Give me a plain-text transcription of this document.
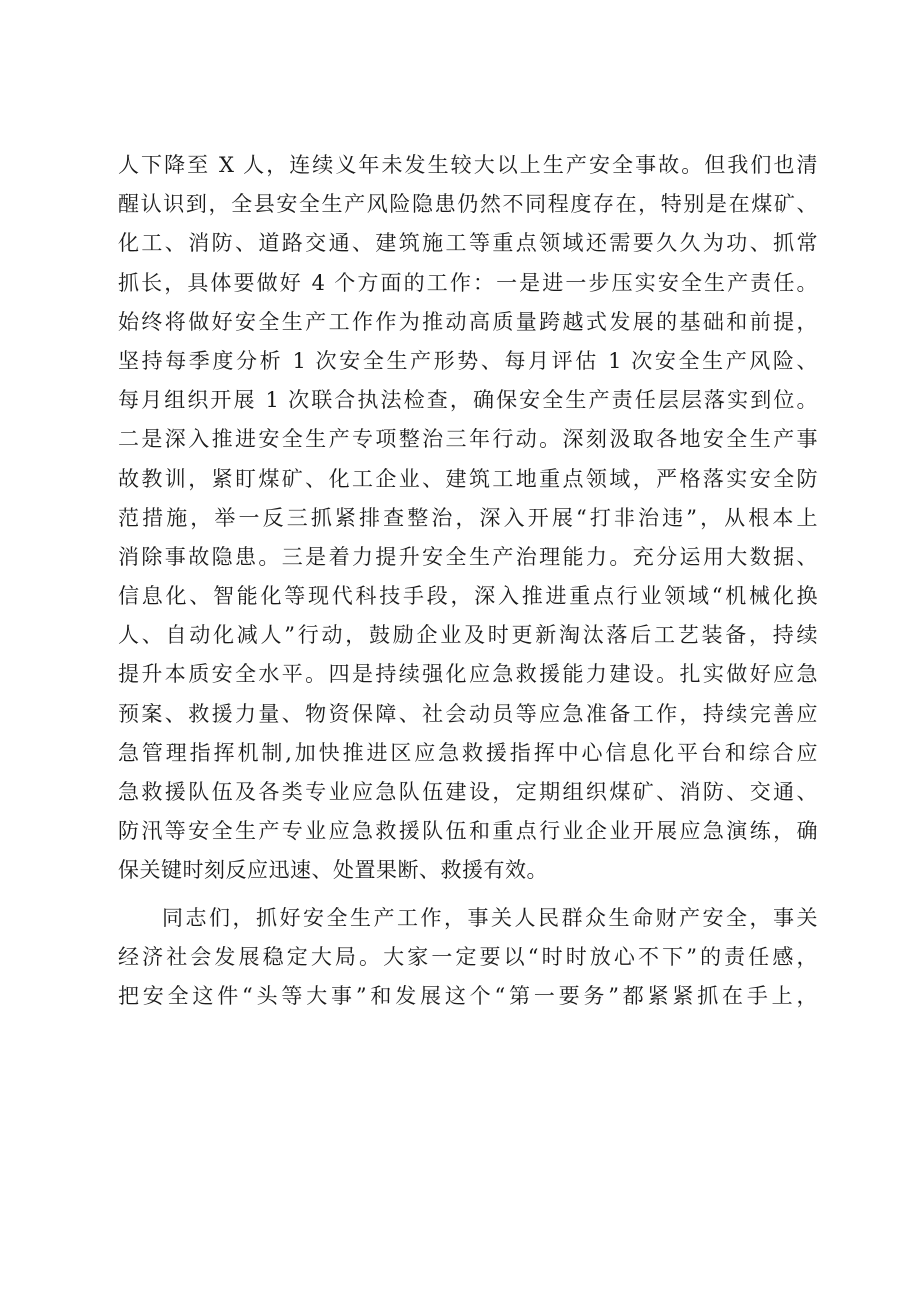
人下降至 X 人，连续义年未发生较大以上生产安全事故。但我们也清
醒认识到，全县安全生产风险隐患仍然不同程度存在，特别是在煤矿、
化工、消防、道路交通、建筑施工等重点领域还需要久久为功、抓常
抓长，具体要做好 4 个方面的工作：一是进一步压实安全生产责任。
始终将做好安全生产工作作为推动高质量跨越式发展的基础和前提，
坚持每季度分析 1 次安全生产形势、每月评估 1 次安全生产风险、
每月组织开展 1 次联合执法检查，确保安全生产责任层层落实到位。
二是深入推进安全生产专项整治三年行动。深刻汲取各地安全生产事
故教训，紧盯煤矿、化工企业、建筑工地重点领域，严格落实安全防
范措施，举一反三抓紧排查整治，深入开展“打非治违”，从根本上
消除事故隐患。三是着力提升安全生产治理能力。充分运用大数据、
信息化、智能化等现代科技手段，深入推进重点行业领域“机械化换
人、自动化减人”行动，鼓励企业及时更新淘汰落后工艺装备，持续
提升本质安全水平。四是持续强化应急救援能力建设。扎实做好应急
预案、救援力量、物资保障、社会动员等应急准备工作，持续完善应
急管理指挥机制,加快推进区应急救援指挥中心信息化平台和综合应
急救援队伍及各类专业应急队伍建设，定期组织煤矿、消防、交通、
防汛等安全生产专业应急救援队伍和重点行业企业开展应急演练，确
保关键时刻反应迅速、处置果断、救援有效。
同志们，抓好安全生产工作，事关人民群众生命财产安全，事关
经济社会发展稳定大局。大家一定要以“时时放心不下”的责任感，
把安全这件“头等大事”和发展这个“第一要务”都紧紧抓在手上，
